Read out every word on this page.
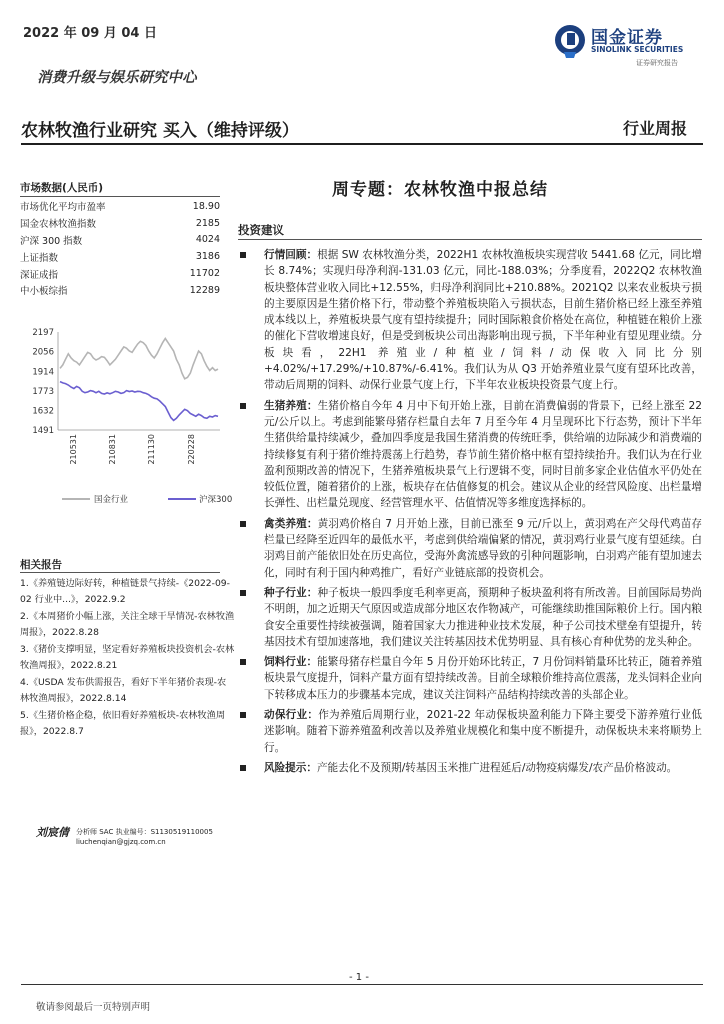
2022 年 09 月 04 日	国金证券
SINOLINK SECURITIES
证券研究报告
消费升级与娱乐研究中心
农林牧渔行业研究 买入（维持评级）	行业周报
市场数据(人民币)
市场优化平均市盈率	18.90
国金农林牧渔指数	2185
沪深 300 指数	4024
上证指数	3186
深证成指	11702
中小板综指	12289
2197
2056
1914
1773
1632
1491
210531	210831	211130	220228
国金行业	沪深300
相关报告
1.《养殖链边际好转，种植链景气持续-《2022-09-02 行业中...》，2022.9.2
2.《本周猪价小幅上涨，关注全球干旱情况-农林牧渔周报》，2022.8.28
3.《猪价支撑明显，坚定看好养殖板块投资机会-农林牧渔周报》，2022.8.21
4.《USDA 发布供需报告，看好下半年猪价表现-农林牧渔周报》，2022.8.14
5.《生猪价格企稳，依旧看好养殖板块-农林牧渔周报》，2022.8.7
刘宸倩 分析师 SAC 执业编号：S1130519110005
liuchenqian@gjzq.com.cn
周专题：农林牧渔中报总结
投资建议
行情回顾：根据 SW 农林牧渔分类，2022H1 农林牧渔板块实现营收 5441.68 亿元，同比增长 8.74%；实现归母净利润-131.03 亿元，同比-188.03%；分季度看，2022Q2 农林牧渔板块整体营业收入同比+12.55%，归母净利润同比+210.88%。2021Q2 以来农业板块亏损的主要原因是生猪价格下行，带动整个养殖板块陷入亏损状态，目前生猪价格已经上涨至养殖成本线以上，养殖板块景气度有望持续提升；同时国际粮食价格处在高位，种植链在粮价上涨的催化下营收增速良好，但是受到板块公司出海影响出现亏损，下半年种业有望见理业绩。分板块看，22H1 养殖业/种植业/饲料/动保收入同比分别+4.02%/+17.29%/+10.87%/-6.41%。我们认为从 Q3 开始养殖业景气度有望环比改善，带动后周期的饲料、动保行业景气度上行，下半年农业板块投资景气度上行。
生猪养殖：生猪价格自今年 4 月中下旬开始上涨，目前在消费偏弱的背景下，已经上涨至 22 元/公斤以上。考虑到能繁母猪存栏量自去年 7 月至今年 4 月呈现环比下行态势，预计下半年生猪供给量持续减少，叠加四季度是我国生猪消费的传统旺季，供给端的边际减少和消费端的持续修复有利于猪价维持震荡上行趋势，春节前生猪价格中枢有望持续抬升。我们认为在行业盈利预期改善的情况下，生猪养殖板块景气上行逻辑不变，同时目前多家企业估值水平仍处在较低位置，随着猪价的上涨，板块存在估值修复的机会。建议从企业的经营风险度、出栏量增长弹性、出栏量兑现度、经营管理水平、估值情况等多维度选择标的。
禽类养殖：黄羽鸡价格自 7 月开始上涨，目前已涨至 9 元/斤以上，黄羽鸡在产父母代鸡苗存栏量已经降至近四年的最低水平，考虑到供给端偏紧的情况，黄羽鸡行业景气度有望延续。白羽鸡目前产能依旧处在历史高位，受海外禽流感导致的引种问题影响，白羽鸡产能有望加速去化，同时有利于国内种鸡推广，看好产业链底部的投资机会。
种子行业：种子板块一般四季度毛利率更高，预期种子板块盈利将有所改善。目前国际局势尚不明朗，加之近期天气原因或造成部分地区农作物减产，可能继续助推国际粮价上行。国内粮食安全重要性持续被强调，随着国家大力推进种业技术发展，种子公司技术壁垒有望提升，转基因技术有望加速落地，我们建议关注转基因技术优势明显、具有核心育种优势的龙头种企。
饲料行业：能繁母猪存栏量自今年 5 月份开始环比转正，7 月份饲料销量环比转正，随着养殖板块景气度提升，饲料产量方面有望持续改善。目前全球粮价维持高位震荡，龙头饲料企业向下转移成本压力的步骤基本完成，建议关注饲料产品结构持续改善的头部企业。
动保行业：作为养殖后周期行业，2021-22 年动保板块盈利能力下降主要受下游养殖行业低迷影响。随着下游养殖盈利改善以及养殖业规模化和集中度不断提升，动保板块未来将顺势上行。
风险提示：产能去化不及预期/转基因玉米推广进程延后/动物疫病爆发/农产品价格波动。
- 1 -
敬请参阅最后一页特别声明
